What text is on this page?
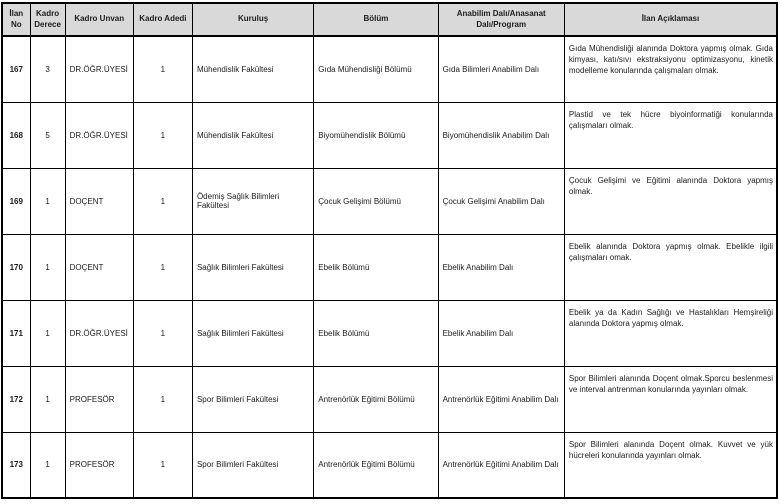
İlan No	Kadro Derece	Kadro Unvan	Kadro Adedi	Kuruluş	Bölüm	Anabilim Dalı/Anasanat Dalı/Program	İlan Açıklaması
167	3	DR.ÖĞR.ÜYESİ	1	Mühendislik Fakültesi	Gıda Mühendisliği Bölümü	Gıda Bilimleri Anabilim Dalı	Gıda Mühendisliği alanında Doktora yapmış olmak. Gıda kimyası, katı/sıvı ekstraksiyonu optimizasyonu, kinetik modelleme konularında çalışmaları olmak.
168	5	DR.ÖĞR.ÜYESİ	1	Mühendislik Fakültesi	Biyomühendislik Bölümü	Biyomühendislik Anabilim Dalı	Plastid ve tek hücre biyoinformatiği konularında çalışmaları olmak.
169	1	DOÇENT	1	Ödemiş Sağlık Bilimleri Fakültesi	Çocuk Gelişimi Bölümü	Çocuk Gelişimi Anabilim Dalı	Çocuk Gelişimi ve Eğitimi alanında Doktora yapmış olmak.
170	1	DOÇENT	1	Sağlık Bilimleri Fakültesi	Ebelik Bölümü	Ebelik Anabilim Dalı	Ebelik alanında Doktora yapmış olmak. Ebelikle ilgili çalışmaları omak.
171	1	DR.ÖĞR.ÜYESİ	1	Sağlık Bilimleri Fakültesi	Ebelik Bölümü	Ebelik Anabilim Dalı	Ebelik ya da Kadın Sağlığı ve Hastalıkları Hemşireliği alanında Doktora yapmış olmak.
172	1	PROFESÖR	1	Spor Bilimleri Fakültesi	Antrenörlük Eğitimi Bölümü	Antrenörlük Eğitimi Anabilim Dalı	Spor Bilimleri alanında Doçent olmak.Sporcu beslenmesi ve interval antrenman konularında yayınları olmak.
173	1	PROFESÖR	1	Spor Bilimleri Fakültesi	Antrenörlük Eğitimi Bölümü	Antrenörlük Eğitimi Anabilim Dalı	Spor Bilimleri alanında Doçent olmak. Kuvvet ve yük hücreleri konularında yayınları olmak.
